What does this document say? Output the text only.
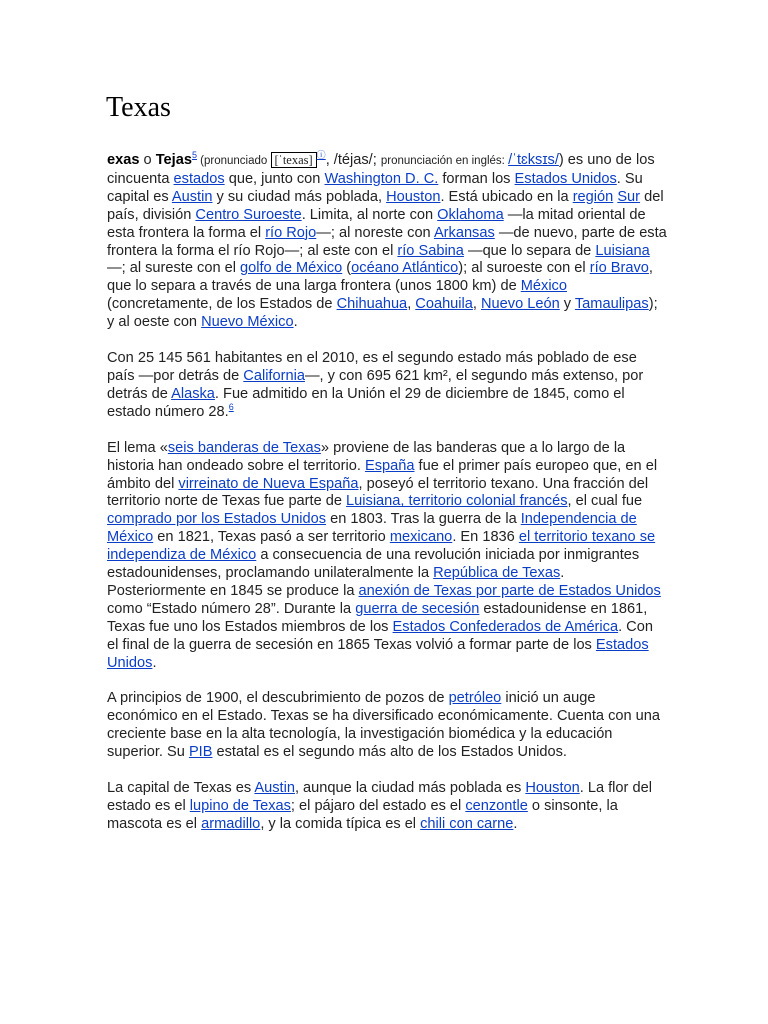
Texas

exas o Tejas$^5$ (pronunciado [ˈtexas] ⓘ, /téjas/; pronunciación en inglés: /ˈtɛksɪs/) es uno de los cincuenta estados que, junto con Washington D. C. forman los Estados Unidos. Su capital es Austin y su ciudad más poblada, Houston. Está ubicado en la región Sur del país, división Centro Suroeste. Limita, al norte con Oklahoma —la mitad oriental de esta frontera la forma el río Rojo—; al noreste con Arkansas —de nuevo, parte de esta frontera la forma el río Rojo—; al este con el río Sabina —que lo separa de Luisiana—; al sureste con el golfo de México (océano Atlántico); al suroeste con el río Bravo, que lo separa a través de una larga frontera (unos 1800 km) de México (concretamente, de los Estados de Chihuahua, Coahuila, Nuevo León y Tamaulipas); y al oeste con Nuevo México.

Con 25 145 561 habitantes en el 2010, es el segundo estado más poblado de ese país —por detrás de California—, y con 695 621 km², el segundo más extenso, por detrás de Alaska. Fue admitido en la Unión el 29 de diciembre de 1845, como el estado número 28.$^6$

El lema «seis banderas de Texas» proviene de las banderas que a lo largo de la historia han ondeado sobre el territorio. España fue el primer país europeo que, en el ámbito del virreinato de Nueva España, poseyó el territorio texano. Una fracción del territorio norte de Texas fue parte de Luisiana, territorio colonial francés, el cual fue comprado por los Estados Unidos en 1803. Tras la guerra de la Independencia de México en 1821, Texas pasó a ser territorio mexicano. En 1836 el territorio texano se independiza de México a consecuencia de una revolución iniciada por inmigrantes estadounidenses, proclamando unilateralmente la República de Texas. Posteriormente en 1845 se produce la anexión de Texas por parte de Estados Unidos como “Estado número 28”. Durante la guerra de secesión estadounidense en 1861, Texas fue uno los Estados miembros de los Estados Confederados de América. Con el final de la guerra de secesión en 1865 Texas volvió a formar parte de los Estados Unidos.

A principios de 1900, el descubrimiento de pozos de petróleo inició un auge económico en el Estado. Texas se ha diversificado económicamente. Cuenta con una creciente base en la alta tecnología, la investigación biomédica y la educación superior. Su PIB estatal es el segundo más alto de los Estados Unidos.

La capital de Texas es Austin, aunque la ciudad más poblada es Houston. La flor del estado es el lupino de Texas; el pájaro del estado es el cenzontle o sinsonte, la mascota es el armadillo, y la comida típica es el chili con carne.
